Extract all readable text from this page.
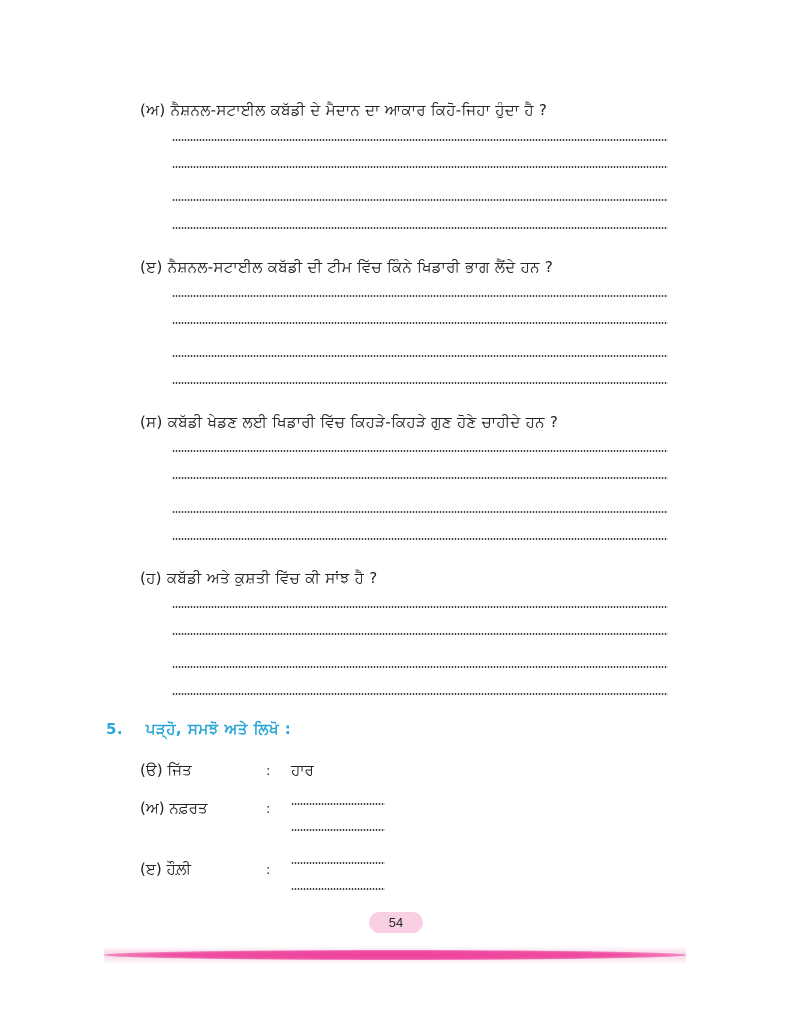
(ਅ) ਨੈਸ਼ਨਲ-ਸਟਾਈਲ ਕਬੱਡੀ ਦੇ ਮੈਦਾਨ ਦਾ ਆਕਾਰ ਕਿਹੋ-ਜਿਹਾ ਹੁੰਦਾ ਹੈ ?
(ੲ) ਨੈਸ਼ਨਲ-ਸਟਾਈਲ ਕਬੱਡੀ ਦੀ ਟੀਮ ਵਿੱਚ ਕਿੰਨੇ ਖਿਡਾਰੀ ਭਾਗ ਲੈਂਦੇ ਹਨ ?
(ਸ) ਕਬੱਡੀ ਖੇਡਣ ਲਈ ਖਿਡਾਰੀ ਵਿੱਚ ਕਿਹੜੇ-ਕਿਹੜੇ ਗੁਣ ਹੋਣੇ ਚਾਹੀਦੇ ਹਨ ?
(ਹ) ਕਬੱਡੀ ਅਤੇ ਕੁਸ਼ਤੀ ਵਿੱਚ ਕੀ ਸਾਂਝ ਹੈ ?
5. ਪੜ੍ਹੋ, ਸਮਝੋ ਅਤੇ ਲਿਖੋ :
(ੳ) ਜਿੱਤ	: ਹਾਰ
(ਅ) ਨਫ਼ਰਤ	:
(ੲ) ਹੌਲ਼ੀ	:
54
